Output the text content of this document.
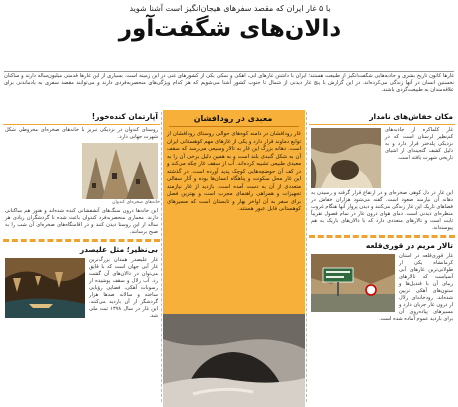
با ۵ غار ایران که مقصد سفرهای هیجان‌انگیز است آشنا شوید
دالان‌های شگفت‌آور
غارها کانون تاریخ بشری و جاذبه‌هایی شگفت‌انگیز از طبیعت هستند؛ ایران با داشتن غارهای آبی، آهکی و نمکی یکی از کشورهای غنی در این زمینه است. بسیاری از این غارها قدمتی میلیون‌ساله دارند و ساکنان نخستین انسان در آنها زندگی می‌کرده‌اند. در این گزارش با پنج غار دیدنی از شمال تا جنوب کشور آشنا می‌شویم که هر کدام ویژگی‌های منحصربه‌فردی دارند و می‌توانند مقصد سفری به یادماندنی برای علاقه‌مندان به طبیعت‌گردی باشند.
مکان خفاش‌های نامدار
غار کلماکره از جاذبه‌های کم‌نظیر لرستان است که در نزدیکی پلدختر قرار دارد و به دلیل کشف گنجینه‌ای از اشیای تاریخی شهرت یافته است.
این غار در دل کوهی صخره‌ای و در ارتفاع قرار گرفته و رسیدن به دهانه آن نیازمند صعود است. گفته می‌شود هزاران خفاش در فضاهای تاریک این غار زندگی می‌کنند و دیدن پرواز آنها هنگام غروب منظره‌ای دیدنی است. دمای هوای درون غار در تمام فصول تقریباً ثابت است و تالارهای متعددی دارد که با دالان‌های باریک به هم پیوسته‌اند.
تالار مریم در قوری‌قلعه
غار قوری‌قلعه در استان کرمانشاه یکی از طولانی‌ترین غارهای آبی آسیاست که تالارهای زیبای آن با قندیل‌ها و ستون‌های آهکی تزیین شده‌اند. رودخانه‌ای زلال از درون غار جریان دارد و مسیرهای پیاده‌روی آن برای بازدید عموم آماده شده است.
معبدی در رودافشان
غار رودافشان در دامنه کوه‌های حوالی روستای رودافشان از توابع دماوند قرار دارد و یکی از غارهای مهم کوهستانی ایران است. دهانه بزرگ این غار به تالار وسیعی می‌رسد که سقف آن به شکل گنبدی بلند است و به همین دلیل برخی آن را به معبدی طبیعی تشبیه کرده‌اند. آب از سقف غار چکه می‌کند و در کف آن حوضچه‌هایی کوچک پدید آورده است. در گذشته این غار محل سکونت و پناهگاه انسان‌ها بوده و آثار سفالی متعددی از آن به دست آمده است. بازدید از غار نیازمند تجهیزات و همراهی راهنمای مجرب است و بهترین فصل برای سفر به آن اواخر بهار و تابستان است که مسیرهای کوهستانی قابل عبور هستند.
آپارتمان کنده‌خور!
روستای کندوان در نزدیکی تبریز با خانه‌های صخره‌ای مخروطی شکل شهرت جهانی دارد.
خانه‌های صخره‌ای کندوان
این خانه‌ها درون سنگ‌های آتشفشانی کنده شده‌اند و هنوز هم ساکنانی دارند. معماری منحصربه‌فرد کندوان باعث شده تا گردشگران زیادی هر ساله از این روستا دیدن کنند و در اقامتگاه‌های صخره‌ای آن شب را به صبح برسانند.
بی‌نظیر؛ مثل علیصدر
غار علیصدر همدان بزرگ‌ترین غار آبی جهان است که با قایق می‌توان در دالان‌های آن گشت زد. آب زلال و سقف پوشیده از رسوبات آهکی، فضایی رؤیایی ساخته و سالانه صدها هزار گردشگر از آن بازدید می‌کنند. این غار در سال ۱۳۷۸ ثبت ملی شد.
